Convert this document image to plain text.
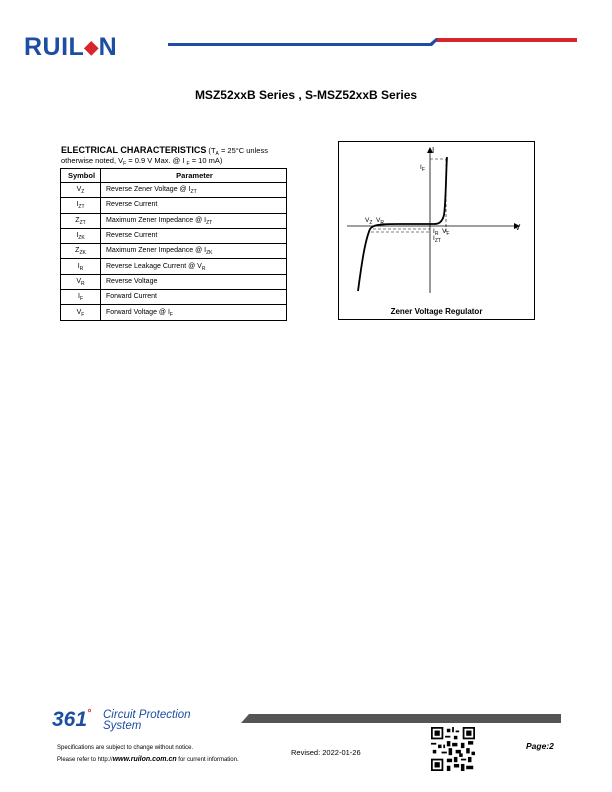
RUIL◆N
MSZ52xxB Series , S-MSZ52xxB Series
ELECTRICAL CHARACTERISTICS ($T_A = 25^\circ C$ unless otherwise noted, $V_F = 0.9$ V Max. @ I $_F$ = 10 mA)
Symbol	Parameter
$V_Z$	Reverse Zener Voltage @ $I_{ZT}$
$I_{ZT}$	Reverse Current
$Z_{ZT}$	Maximum Zener Impedance @ $I_{ZT}$
$I_{ZK}$	Reverse Current
$Z_{ZK}$	Maximum Zener Impedance @ $I_{ZK}$
$I_R$	Reverse Leakage Current @ $V_R$
$V_R$	Reverse Voltage
$I_F$	Forward Current
$V_F$	Forward Voltage @ $I_F$
I
V
$I_F$
$V_Z$ $V_R$
$I_R$ $V_F$
$I_{ZT}$
Zener Voltage Regulator
361° Circuit Protection
System
Specifications are subject to change without notice.
Please refer to http://www.ruilon.com.cn for current information.
Revised: 2022-01-26
Page:2
